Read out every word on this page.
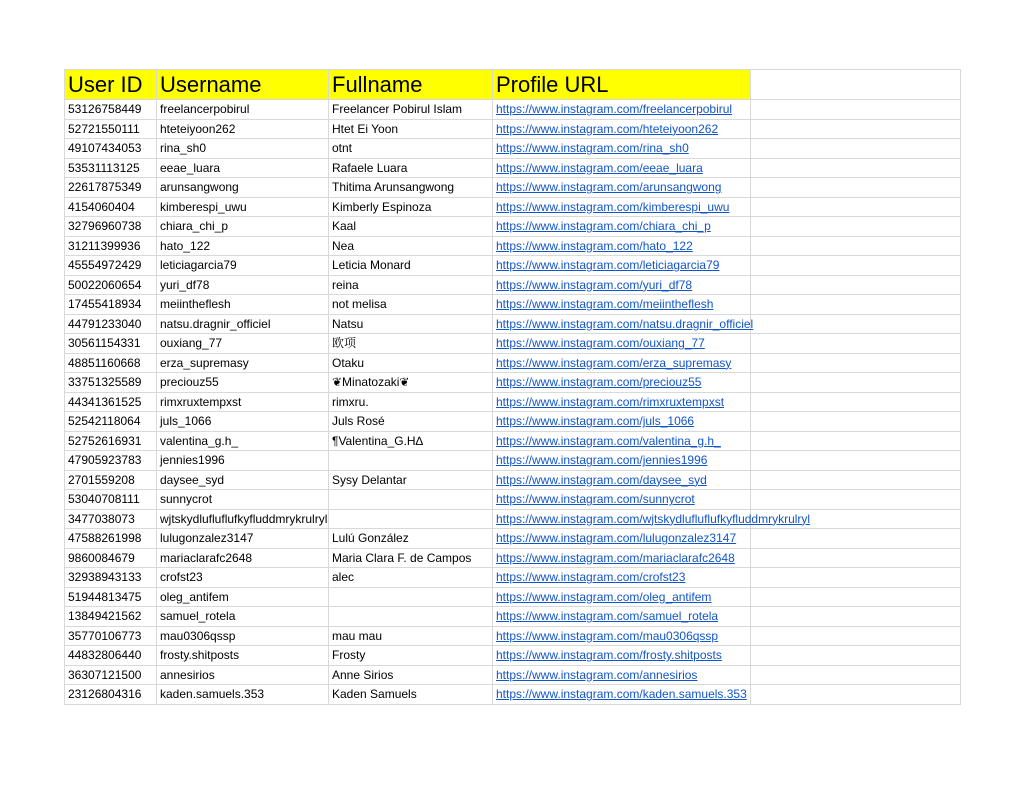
User ID	Username	Fullname	Profile URL	
53126758449	freelancerpobirul	Freelancer Pobirul Islam	https://www.instagram.com/freelancerpobirul	
52721550111	hteteiyoon262	Htet Ei Yoon	https://www.instagram.com/hteteiyoon262	
49107434053	rina_sh0	otnt	https://www.instagram.com/rina_sh0	
53531113125	eeae_luara	Rafaele Luara	https://www.instagram.com/eeae_luara	
22617875349	arunsangwong	Thitima Arunsangwong	https://www.instagram.com/arunsangwong	
4154060404	kimberespi_uwu	Kimberly Espinoza	https://www.instagram.com/kimberespi_uwu	
32796960738	chiara_chi_p	Kaal	https://www.instagram.com/chiara_chi_p	
31211399936	hato_122	Nea	https://www.instagram.com/hato_122	
45554972429	leticiagarcia79	Leticia Monard	https://www.instagram.com/leticiagarcia79	
50022060654	yuri_df78	reina	https://www.instagram.com/yuri_df78	
17455418934	meiintheflesh	not melisa	https://www.instagram.com/meiintheflesh	
44791233040	natsu.dragnir_officiel	Natsu	https://www.instagram.com/natsu.dragnir_officiel	
30561154331	ouxiang_77	欧项	https://www.instagram.com/ouxiang_77	
48851160668	erza_supremasy	Otaku	https://www.instagram.com/erza_supremasy	
33751325589	preciouz55	❦Minatozaki❦	https://www.instagram.com/preciouz55	
44341361525	rimxruxtempxst	rimxru.	https://www.instagram.com/rimxruxtempxst	
52542118064	juls_1066	Juls Rosé	https://www.instagram.com/juls_1066	
52752616931	valentina_g.h_	¶Valentina_G.H∆	https://www.instagram.com/valentina_g.h_	
47905923783	jennies1996		https://www.instagram.com/jennies1996	
2701559208	daysee_syd	Sysy Delantar	https://www.instagram.com/daysee_syd	
53040708111	sunnycrot		https://www.instagram.com/sunnycrot	
3477038073	wjtskydlufluflufkyfluddmrykrulryl		https://www.instagram.com/wjtskydlufluflufkyfluddmrykrulryl	
47588261998	lulugonzalez3147	Lulú González	https://www.instagram.com/lulugonzalez3147	
9860084679	mariaclarafc2648	Maria Clara F. de Campos	https://www.instagram.com/mariaclarafc2648	
32938943133	crofst23	alec	https://www.instagram.com/crofst23	
51944813475	oleg_antifem		https://www.instagram.com/oleg_antifem	
13849421562	samuel_rotela		https://www.instagram.com/samuel_rotela	
35770106773	mau0306qssp	mau mau	https://www.instagram.com/mau0306qssp	
44832806440	frosty.shitposts	Frosty	https://www.instagram.com/frosty.shitposts	
36307121500	annesirios	Anne Sirios	https://www.instagram.com/annesirios	
23126804316	kaden.samuels.353	Kaden Samuels	https://www.instagram.com/kaden.samuels.353	
